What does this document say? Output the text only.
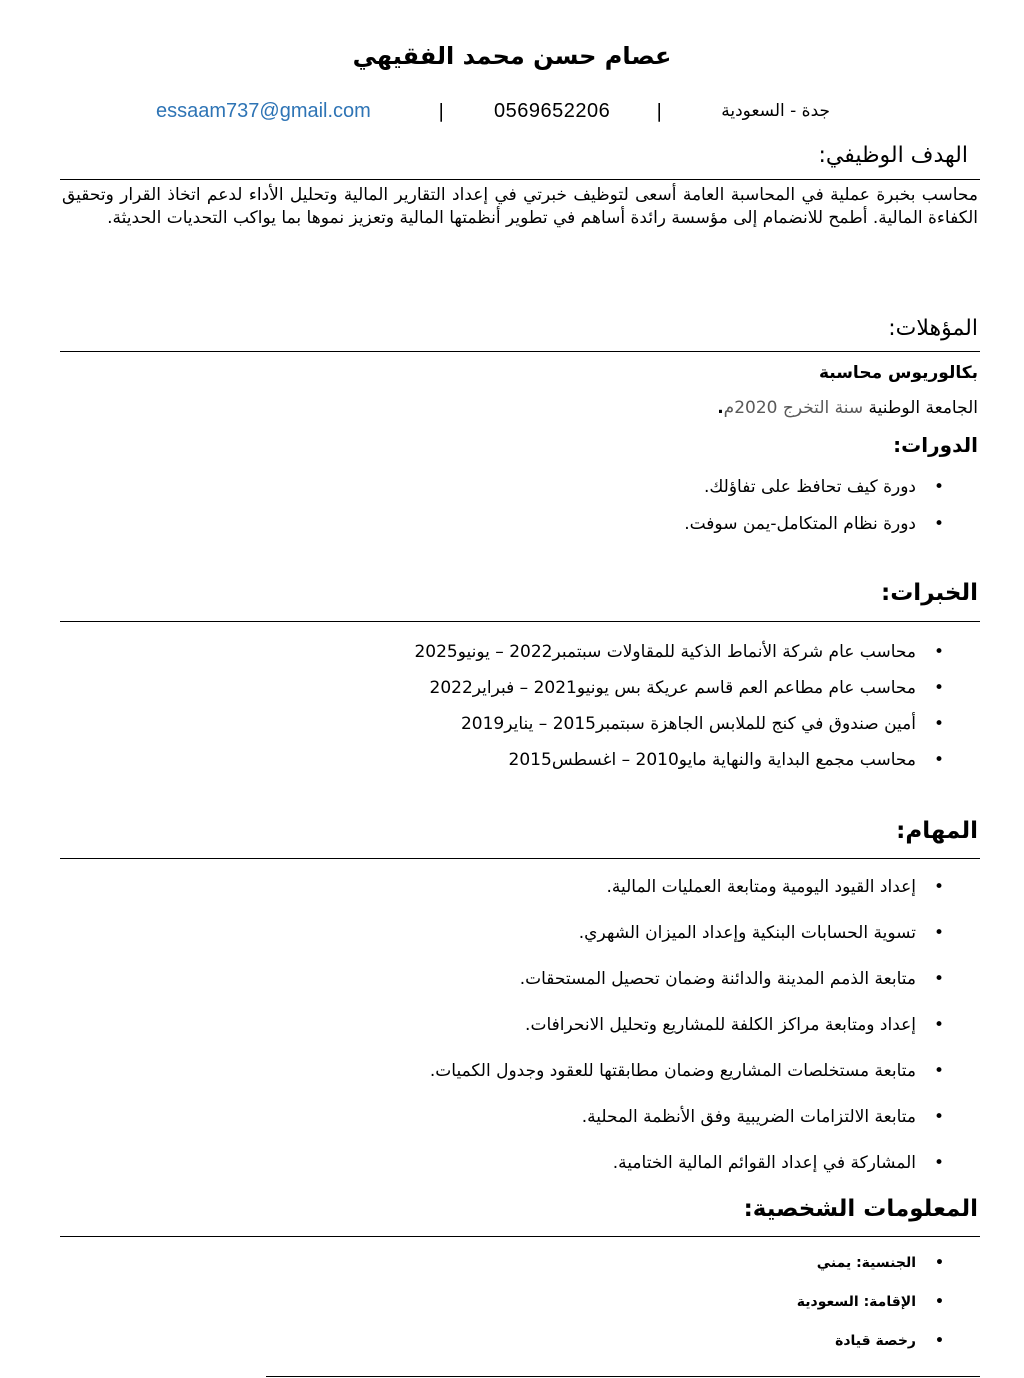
عصام حسن محمد الفقيهي
essaam737@gmail.com	| 0569652206 |	جدة - السعودية
الهدف الوظيفي:
محاسب بخبرة عملية في المحاسبة العامة أسعى لتوظيف خبرتي في إعداد التقارير المالية وتحليل الأداء لدعم اتخاذ القرار وتحقيق الكفاءة المالية. أطمح للانضمام إلى مؤسسة رائدة أساهم في تطوير أنظمتها المالية وتعزيز نموها بما يواكب التحديات الحديثة.
المؤهلات:
بكالوريوس محاسبة
الجامعة الوطنية سنة التخرج 2020م.
الدورات:
•
دورة كيف تحافظ على تفاؤلك.
•
دورة نظام المتكامل-يمن سوفت.
الخبرات:
•
محاسب عام شركة الأنماط الذكية للمقاولات سبتمبر2022 – يونيو2025
•
محاسب عام مطاعم العم قاسم عريكة بس يونيو2021 – فبراير2022
•
أمين صندوق في كنج للملابس الجاهزة سبتمبر2015 – يناير2019
•
محاسب مجمع البداية والنهاية مايو2010 – اغسطس2015
المهام:
•
إعداد القيود اليومية ومتابعة العمليات المالية.
•
تسوية الحسابات البنكية وإعداد الميزان الشهري.
•
متابعة الذمم المدينة والدائنة وضمان تحصيل المستحقات.
•
إعداد ومتابعة مراكز الكلفة للمشاريع وتحليل الانحرافات.
•
متابعة مستخلصات المشاريع وضمان مطابقتها للعقود وجدول الكميات.
•
متابعة الالتزامات الضريبية وفق الأنظمة المحلية.
•
المشاركة في إعداد القوائم المالية الختامية.
المعلومات الشخصية:
•
الجنسية: يمني
•
الإقامة: السعودية
•
رخصة قيادة
